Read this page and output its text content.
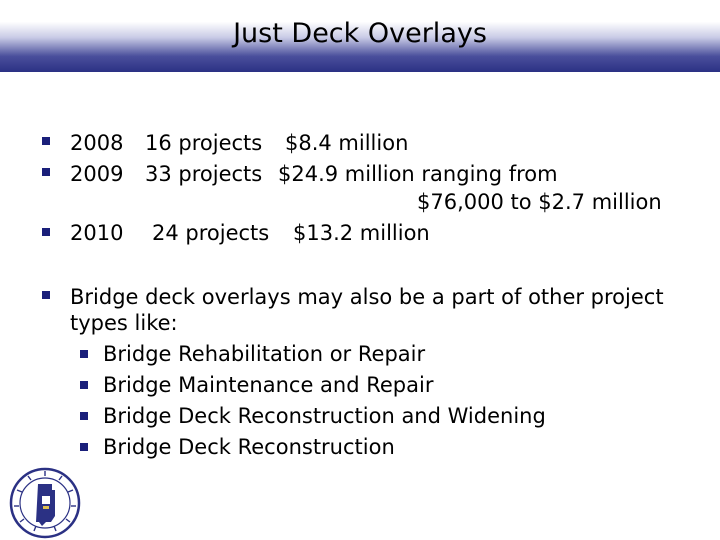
Just Deck Overlays
2008 16 projects $8.4 million
2009 33 projects $24.9 million ranging from
$76,000 to $2.7 million
2010 24 projects $13.2 million
Bridge deck overlays may also be a part of other project
types like:
Bridge Rehabilitation or Repair
Bridge Maintenance and Repair
Bridge Deck Reconstruction and Widening
Bridge Deck Reconstruction
